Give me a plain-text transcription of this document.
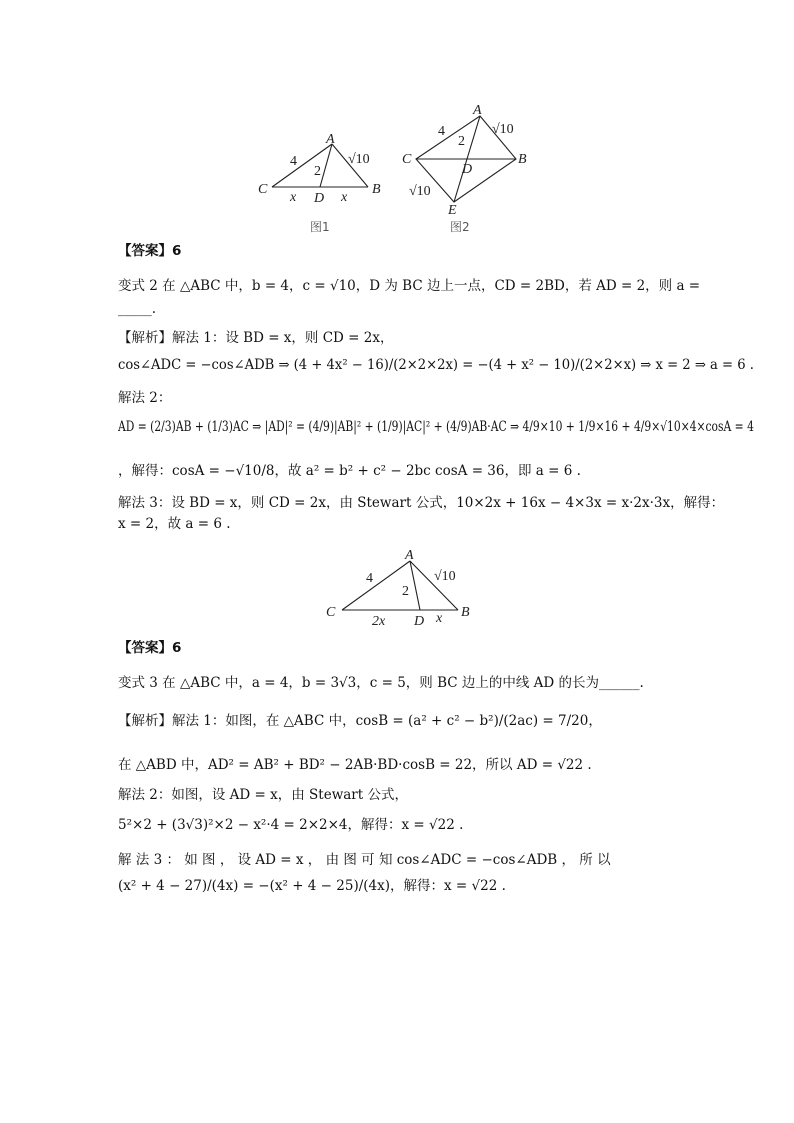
A
B
C
D
4	√10
2
x	x
图1
A
B
C
D
E
4	√10
2
√10
图2
【答案】6
变式 2 在 △ABC 中，b = 4，c = √10，D 为 BC 边上一点，CD = 2BD，若 AD = 2，则 a =
_____.
【解析】解法 1：设 BD = x，则 CD = 2x，
cos∠ADC = −cos∠ADB ⇒ (4 + 4x² − 16)/(2×2×2x) = −(4 + x² − 10)/(2×2×x) ⇒ x = 2 ⇒ a = 6 .
解法 2：
AD = (2/3)AB + (1/3)AC ⇒ |AD|² = (4/9)|AB|² + (1/9)|AC|² + (4/9)AB·AC ⇒ 4/9×10 + 1/9×16 + 4/9×√10×4×cosA = 4
，解得：cosA = −√10/8，故 a² = b² + c² − 2bc cosA = 36，即 a = 6 .
解法 3：设 BD = x，则 CD = 2x，由 Stewart 公式，10×2x + 16x − 4×3x = x·2x·3x，解得：
x = 2，故 a = 6 .
A
B
C
D
4	√10
2
2x	x
【答案】6
变式 3 在 △ABC 中，a = 4，b = 3√3，c = 5，则 BC 边上的中线 AD 的长为______.
【解析】解法 1：如图，在 △ABC 中，cosB = (a² + c² − b²)/(2ac) = 7/20，
在 △ABD 中，AD² = AB² + BD² − 2AB·BD·cosB = 22，所以 AD = √22 .
解法 2：如图，设 AD = x，由 Stewart 公式，
5²×2 + (3√3)²×2 − x²·4 = 2×2×4，解得：x = √22 .
解 法 3 ： 如 图 ， 设 AD = x ， 由 图 可 知 cos∠ADC = −cos∠ADB ， 所 以
(x² + 4 − 27)/(4x) = −(x² + 4 − 25)/(4x)，解得：x = √22 .
